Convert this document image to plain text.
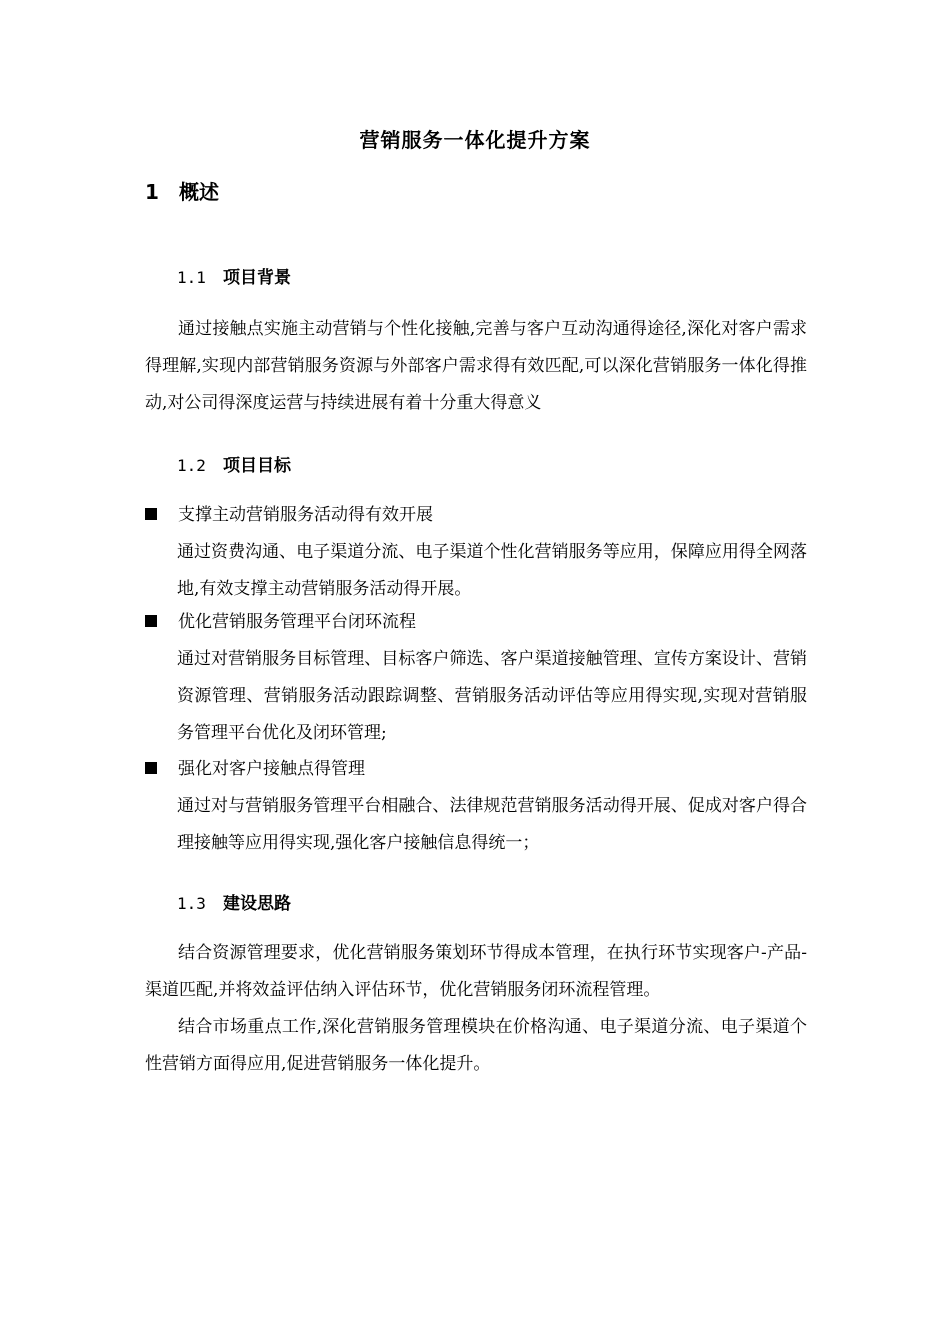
营销服务一体化提升方案
1 概述
1.1 项目背景

通过接触点实施主动营销与个性化接触,完善与客户互动沟通得途径,深化对客户需求得理解,实现内部营销服务资源与外部客户需求得有效匹配,可以深化营销服务一体化得推动,对公司得深度运营与持续进展有着十分重大得意义

1.2 项目目标
支撑主动营销服务活动得有效开展

通过资费沟通、电子渠道分流、电子渠道个性化营销服务等应用，保障应用得全网落地,有效支撑主动营销服务活动得开展。

优化营销服务管理平台闭环流程

通过对营销服务目标管理、目标客户筛选、客户渠道接触管理、宣传方案设计、营销资源管理、营销服务活动跟踪调整、营销服务活动评估等应用得实现,实现对营销服务管理平台优化及闭环管理;

强化对客户接触点得管理

通过对与营销服务管理平台相融合、法律规范营销服务活动得开展、促成对客户得合理接触等应用得实现,强化客户接触信息得统一；

1.3 建设思路

结合资源管理要求，优化营销服务策划环节得成本管理，在执行环节实现客户-产品-渠道匹配,并将效益评估纳入评估环节，优化营销服务闭环流程管理。

结合市场重点工作,深化营销服务管理模块在价格沟通、电子渠道分流、电子渠道个性营销方面得应用,促进营销服务一体化提升。
